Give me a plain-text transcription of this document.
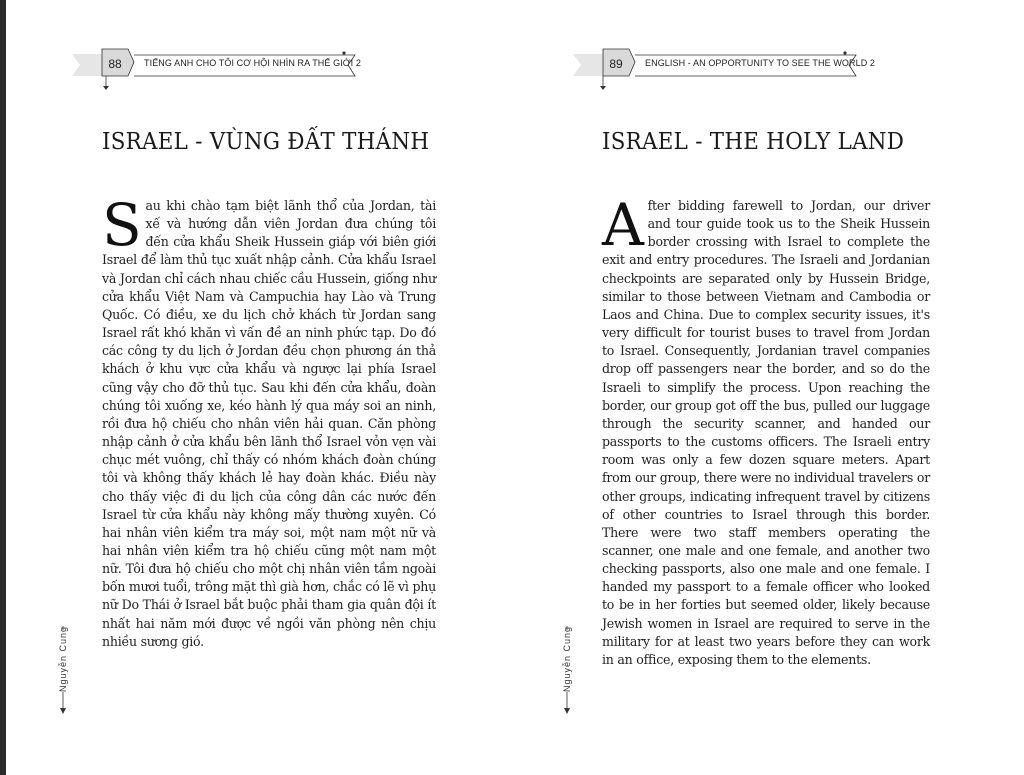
88	TIẾNG ANH CHO TÔI CƠ HỘI NHÌN RA THẾ GIỚI 2
ISRAEL - VÙNG ĐẤT THÁNH

Sau khi chào tạm biệt lãnh thổ của Jordan, tài xế và hướng dẫn viên Jordan đưa chúng tôi đến cửa khẩu Sheik Hussein giáp với biên giới Israel để làm thủ tục xuất nhập cảnh. Cửa khẩu Israel và Jordan chỉ cách nhau chiếc cầu Hussein, giống như cửa khẩu Việt Nam và Campuchia hay Lào và Trung Quốc. Có điều, xe du lịch chở khách từ Jordan sang Israel rất khó khăn vì vấn đề an ninh phức tạp. Do đó các công ty du lịch ở Jordan đều chọn phương án thả khách ở khu vực cửa khẩu và ngược lại phía Israel cũng vậy cho đỡ thủ tục. Sau khi đến cửa khẩu, đoàn chúng tôi xuống xe, kéo hành lý qua máy soi an ninh, rồi đưa hộ chiếu cho nhân viên hải quan. Căn phòng nhập cảnh ở cửa khẩu bên lãnh thổ Israel vỏn vẹn vài chục mét vuông, chỉ thấy có nhóm khách đoàn chúng tôi và không thấy khách lẻ hay đoàn khác. Điều này cho thấy việc đi du lịch của công dân các nước đến Israel từ cửa khẩu này không mấy thường xuyên. Có hai nhân viên kiểm tra máy soi, một nam một nữ và hai nhân viên kiểm tra hộ chiếu cũng một nam một nữ. Tôi đưa hộ chiếu cho một chị nhân viên tầm ngoài bốn mươi tuổi, trông mặt thì già hơn, chắc có lẽ vì phụ nữ Do Thái ở Israel bắt buộc phải tham gia quân đội ít nhất hai năm mới được về ngồi văn phòng nên chịu nhiều sương gió.

Nguyễn Cung
89	ENGLISH - AN OPPORTUNITY TO SEE THE WORLD 2
ISRAEL - THE HOLY LAND

After bidding farewell to Jordan, our driver and tour guide took us to the Sheik Hussein border crossing with Israel to complete the exit and entry procedures. The Israeli and Jordanian checkpoints are separated only by Hussein Bridge, similar to those between Vietnam and Cambodia or Laos and China. Due to complex security issues, it's very difficult for tourist buses to travel from Jordan to Israel. Consequently, Jordanian travel companies drop off passengers near the border, and so do the Israeli to simplify the process. Upon reaching the border, our group got off the bus, pulled our luggage through the security scanner, and handed our passports to the customs officers. The Israeli entry room was only a few dozen square meters. Apart from our group, there were no individual travelers or other groups, indicating infrequent travel by citizens of other countries to Israel through this border. There were two staff members operating the scanner, one male and one female, and another two checking passports, also one male and one female. I handed my passport to a female officer who looked to be in her forties but seemed older, likely because Jewish women in Israel are required to serve in the military for at least two years before they can work in an office, exposing them to the elements.

Nguyễn Cung
